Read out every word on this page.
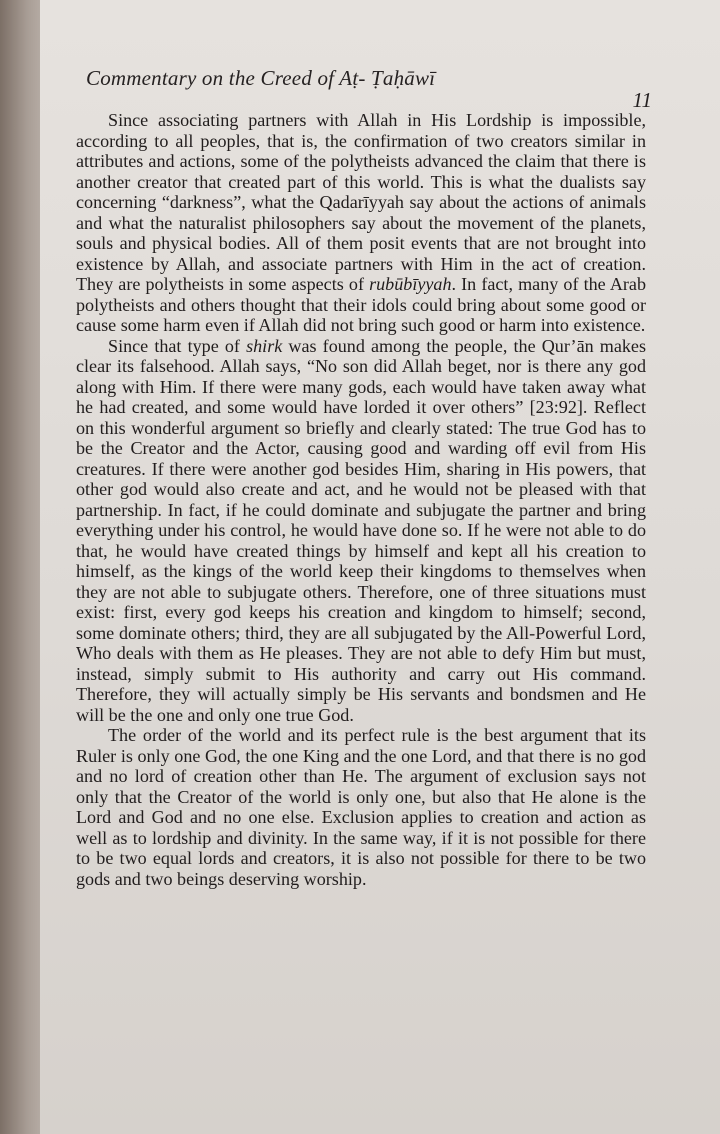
Commentary on the Creed of Aṭ- Ṭaḥāwī
11

Since associating partners with Allah in His Lordship is impossible, according to all peoples, that is, the confirmation of two creators similar in attributes and actions, some of the polytheists advanced the claim that there is another creator that created part of this world. This is what the dualists say concerning “darkness”, what the Qadarīyyah say about the actions of animals and what the naturalist philosophers say about the movement of the planets, souls and physical bodies. All of them posit events that are not brought into existence by Allah, and associate partners with Him in the act of creation. They are polytheists in some aspects of rubūbīyyah. In fact, many of the Arab polytheists and others thought that their idols could bring about some good or cause some harm even if Allah did not bring such good or harm into existence.

Since that type of shirk was found among the people, the Qur’ān makes clear its falsehood. Allah says, “No son did Allah beget, nor is there any god along with Him. If there were many gods, each would have taken away what he had created, and some would have lorded it over others” [23:92]. Reflect on this wonderful argument so briefly and clearly stated: The true God has to be the Creator and the Actor, causing good and warding off evil from His creatures. If there were another god besides Him, sharing in His powers, that other god would also create and act, and he would not be pleased with that partnership. In fact, if he could dominate and subjugate the partner and bring everything under his control, he would have done so. If he were not able to do that, he would have created things by himself and kept all his creation to himself, as the kings of the world keep their kingdoms to themselves when they are not able to subjugate others. Therefore, one of three situations must exist: first, every god keeps his creation and kingdom to himself; second, some dominate others; third, they are all subjugated by the All-Powerful Lord, Who deals with them as He pleases. They are not able to defy Him but must, instead, simply submit to His authority and carry out His command. Therefore, they will actually simply be His servants and bondsmen and He will be the one and only one true God.

The order of the world and its perfect rule is the best argument that its Ruler is only one God, the one King and the one Lord, and that there is no god and no lord of creation other than He. The argument of exclusion says not only that the Creator of the world is only one, but also that He alone is the Lord and God and no one else. Exclusion applies to creation and action as well as to lordship and divinity. In the same way, if it is not possible for there to be two equal lords and creators, it is also not possible for there to be two gods and two beings deserving worship.
